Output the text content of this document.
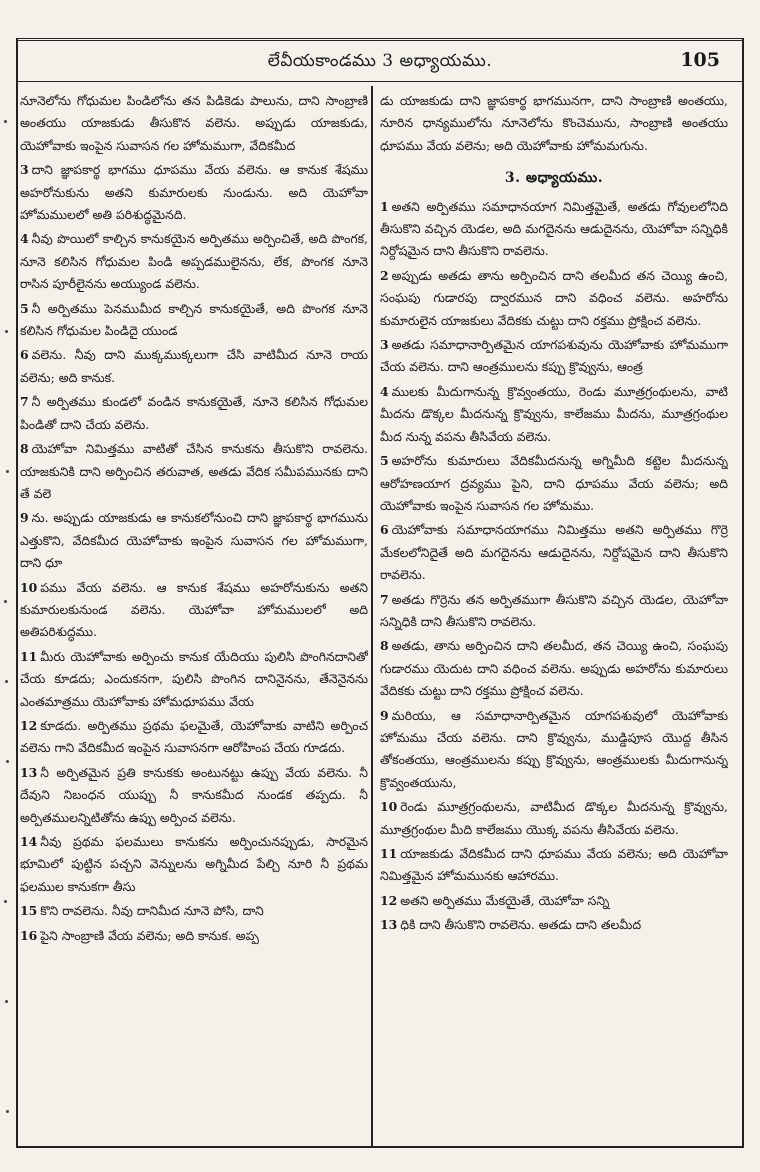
లేవీయకాండము 3 అధ్యాయము.	105
నూనెలోను గోధుమల పిండిలోను తన పిడికెడు పాలును, దాని సాంబ్రాణి అంతయు యాజకుడు తీసుకొన వలెను. అప్పుడు యాజకుడు, యెహోవాకు ఇంపైన సువాసన గల హోమముగా, వేదికమీద
3 దాని జ్ఞాపకార్థ భాగము ధూపము వేయ వలెను. ఆ కానుక శేషము అహరోనుకును అతని కుమారులకు నుండును. అది యెహోవా హోమములలో అతి పరిశుద్ధమైనది.
4 నీవు పొయిలో కాల్చిన కానుకయైన అర్పితము అర్పించితే, అది పొంగక, నూనె కలిసిన గోధుమల పిండి అప్పడములైనను, లేక, పొంగక నూనె రాసిన పూరీలైనను అయ్యుండ వలెను.
5 నీ అర్పితము పెనముమీద కాల్చిన కానుకయైతే, అది పొంగక నూనె కలిసిన గోధుమల పిండిదై యుండ
6 వలెను. నీవు దాని ముక్కముక్కలుగా చేసి వాటిమీద నూనె రాయ వలెను; అది కానుక.
7 నీ అర్పితము కుండలో వండిన కానుకయైతే, నూనె కలిసిన గోధుమల పిండితో దాని చేయ వలెను.
8 యెహోవా నిమిత్తము వాటితో చేసిన కానుకను తీసుకొని రావలెను. యాజకునికి దాని అర్పించిన తరువాత, అతడు వేదిక సమీపమునకు దాని తే వలె
9 ను. అప్పుడు యాజకుడు ఆ కానుకలోనుంచి దాని జ్ఞాపకార్థ భాగమును ఎత్తుకొని, వేదికమీద యెహోవాకు ఇంపైన సువాసన గల హోమముగా, దాని ధూ
10 పము వేయ వలెను. ఆ కానుక శేషము అహరోనుకును అతని కుమారులకునుండ వలెను. యెహోవా హోమములలో అది అతిపరిశుద్ధము.
11 మీరు యెహోవాకు అర్పించు కానుక యేదియు పులిసి పొంగినదానితో చేయ కూడదు; ఎందుకనగా, పులిసి పొంగిన దానినైనను, తేనెనైనను ఎంతమాత్రము యెహోవాకు హోమధూపము వేయ
12 కూడదు. అర్పితము ప్రథమ ఫలమైతే, యెహోవాకు వాటిని అర్పించ వలెను గాని వేదికమీద ఇంపైన సువాసనగా ఆరోహింప చేయ గూడదు.
13 నీ అర్పితమైన ప్రతి కానుకకు అంటునట్టు ఉప్పు వేయ వలెను. నీ దేవుని నిబంధన యుప్పు నీ కానుకమీద నుండక తప్పదు. నీ అర్పితములన్నిటితోను ఉప్పు అర్పించ వలెను.
14 నీవు ప్రథమ ఫలములు కానుకను అర్పించునప్పుడు, సారమైన భూమిలో పుట్టిన పచ్చని వెన్నులను అగ్నిమీద పేల్చి నూరి నీ ప్రథమ ఫలముల కానుకగా తీసు
15 కొని రావలెను. నీవు దానిమీద నూనె పోసి, దాని
16 పైని సాంబ్రాణి వేయ వలెను; అది కానుక. అప్ప
డు యాజకుడు దాని జ్ఞాపకార్థ భాగమునగా, దాని సాంబ్రాణి అంతయు, నూరిన ధాన్యములోను నూనెలోను కొంచెమును, సాంబ్రాణి అంతయు ధూపము వేయ వలెను; అది యెహోవాకు హోమమగును.
3. అధ్యాయము.
1 అతని అర్పితము సమాధానయాగ నిమిత్తమైతే, అతడు గోవులలోనిది తీసుకొని వచ్చిన యెడల, అది మగదైనను ఆడుదైనను, యెహోవా సన్నిధికి నిర్దోషమైన దాని తీసుకొని రావలెను.
2 అప్పుడు అతడు తాను అర్పించిన దాని తలమీద తన చెయ్యి ఉంచి, సంఘపు గుడారపు ద్వారమున దాని వధించ వలెను. అహరోను కుమారులైన యాజకులు వేదికకు చుట్టు దాని రక్తము ప్రోక్షించ వలెను.
3 అతడు సమాధానార్పితమైన యాగపశువును యెహోవాకు హోమముగా చేయ వలెను. దాని ఆంత్రములను కప్పు క్రొవ్వును, ఆంత్ర
4 ములకు మీదుగానున్న క్రొవ్వంతయు, రెండు మూత్రగ్రంథులను, వాటి మీదను డొక్కల మీదనున్న క్రొవ్వును, కాలేజము మీదను, మూత్రగ్రంథుల మీద నున్న వపను తీసివేయ వలెను.
5 అహరోను కుమారులు వేదికమీదనున్న అగ్నిమీది కట్టెల మీదనున్న ఆరోహణయాగ ద్రవ్యము పైని, దాని ధూపము వేయ వలెను; అది యెహోవాకు ఇంపైన సువాసన గల హోమము.
6 యెహోవాకు సమాధానయాగము నిమిత్తము అతని అర్పితము గొర్రె మేకలలోనిదైతే అది మగదైనను ఆడుదైనను, నిర్దోషమైన దాని తీసుకొని రావలెను.
7 అతడు గొర్రెను తన అర్పితముగా తీసుకొని వచ్చిన యెడల, యెహోవా సన్నిధికి దాని తీసుకొని రావలెను.
8 అతడు, తాను అర్పించిన దాని తలమీద, తన చెయ్యి ఉంచి, సంఘపు గుడారము యెదుట దాని వధించ వలెను. అప్పుడు అహరోను కుమారులు వేదికకు చుట్టు దాని రక్తము ప్రోక్షించ వలెను.
9 మరియు, ఆ సమాధానార్పితమైన యాగపశువులో యెహోవాకు హోమము చేయ వలెను. దాని క్రొవ్వును, ముడ్డిపూస యొద్ద తీసిన తోకంతయు, ఆంత్రములను కప్పు క్రొవ్వును, ఆంత్రములకు మీదుగానున్న క్రొవ్వంతయును,
10 రెండు మూత్రగ్రంథులను, వాటిమీద డొక్కల మీదనున్న క్రొవ్వును, మూత్రగ్రంథుల మీది కాలేజము యొక్క వపను తీసివేయ వలెను.
11 యాజకుడు వేదికమీద దాని ధూపము వేయ వలెను; అది యెహోవా నిమిత్తమైన హోమమునకు ఆహారము.
12 అతని అర్పితము మేకయైతే, యెహోవా సన్ని
13 ధికి దాని తీసుకొని రావలెను. అతడు దాని తలమీద
